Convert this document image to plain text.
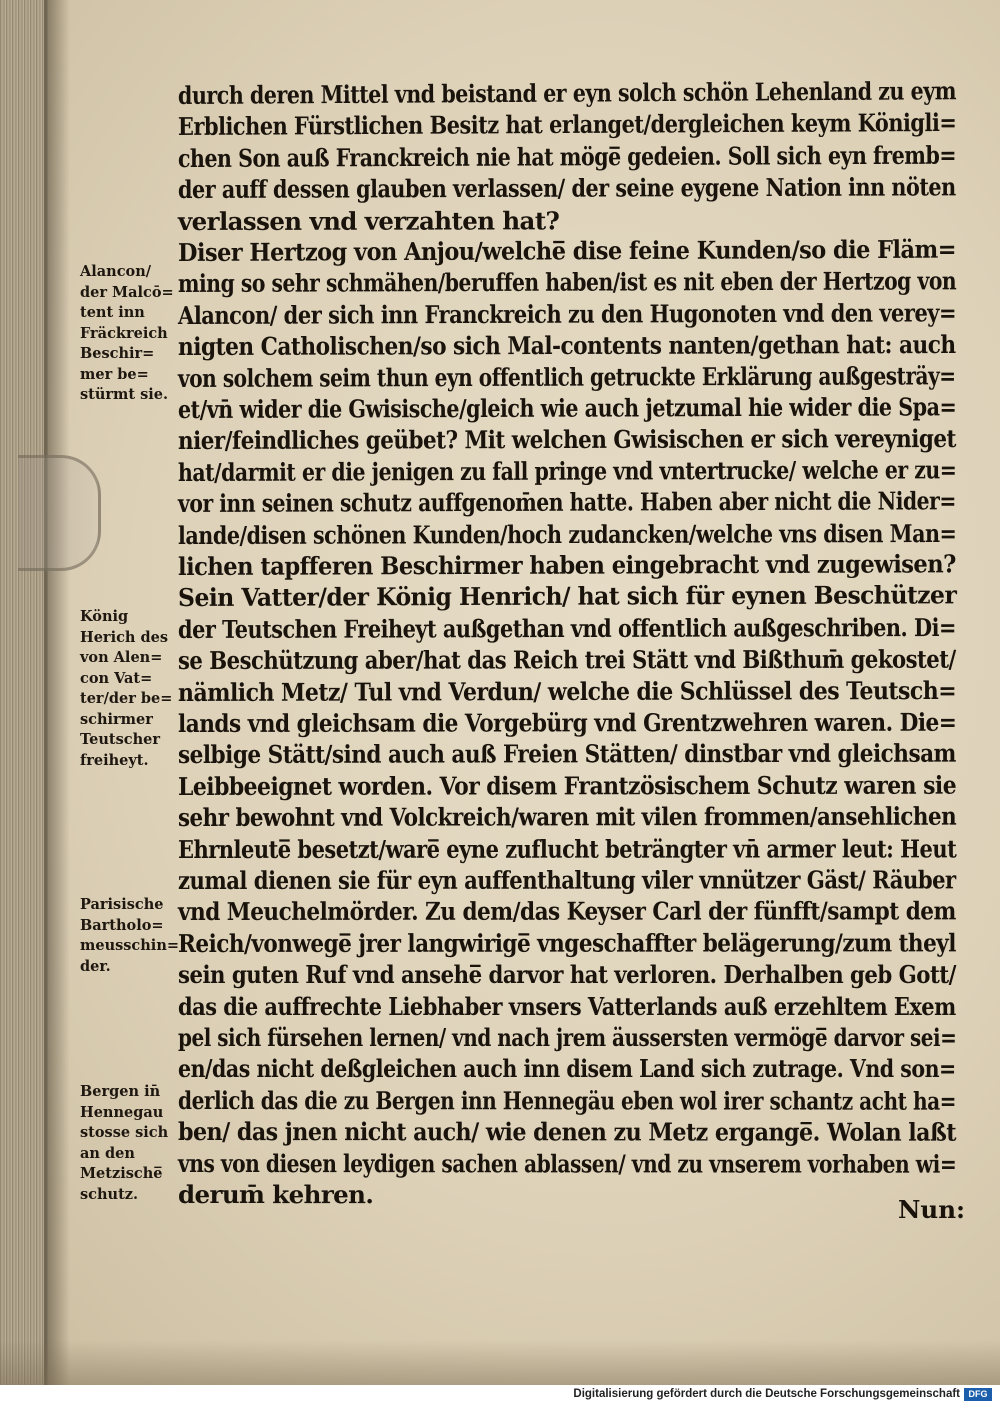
Alancon/
der Malcō=
tent inn
Fräckreich
Beschir=
mer be=
stürmt sie.
König
Herich des
von Alen=
con Vat=
ter/der be=
schirmer
Teutscher
freiheyt.
Parisische
Bartholo=
meusschin=
der.
Bergen in̄
Hennegau
stosse sich
an den
Metzische̅
schutz.
durch deren Mittel vnd beistand er eyn solch schön Lehenland zu eym
Erblichen Fürstlichen Besitz hat erlanget/dergleichen keym Königli=
chen Son auß Franckreich nie hat möge̅ gedeien. Soll sich eyn fremb=
der auff dessen glauben verlassen/ der seine eygene Nation inn nöten
verlassen vnd verzahten hat?
Diser Hertzog von Anjou/welche̅ dise feine Kunden/so die Fläm=
ming so sehr schmähen/beruffen haben/ist es nit eben der Hertzog von
Alancon/ der sich inn Franckreich zu den Hugonoten vnd den verey=
nigten Catholischen/so sich Mal-contents nanten/gethan hat: auch
von solchem seim thun eyn offentlich getruckte Erklärung außgesträy=
et/vn̄ wider die Gwisische/gleich wie auch jetzumal hie wider die Spa=
nier/feindliches geübet? Mit welchen Gwisischen er sich vereyniget
hat/darmit er die jenigen zu fall pringe vnd vntertrucke/ welche er zu=
vor inn seinen schutz auffgenom̄en hatte. Haben aber nicht die Nider=
lande/disen schönen Kunden/hoch zudancken/welche vns disen Man=
lichen tapfferen Beschirmer haben eingebracht vnd zugewisen?
Sein Vatter/der König Henrich/ hat sich für eynen Beschützer
der Teutschen Freiheyt außgethan vnd offentlich außgeschriben. Di=
se Beschützung aber/hat das Reich trei Stätt vnd Bißthum̄ gekostet/
nämlich Metz/ Tul vnd Verdun/ welche die Schlüssel des Teutsch=
lands vnd gleichsam die Vorgebürg vnd Grentzwehren waren. Die=
selbige Stätt/sind auch auß Freien Stätten/ dinstbar vnd gleichsam
Leibbeeignet worden. Vor disem Frantzösischem Schutz waren sie
sehr bewohnt vnd Volckreich/waren mit vilen frommen/ansehlichen
Ehrnleute̅ besetzt/ware̅ eyne zuflucht beträngter vn̄ armer leut: Heut
zumal dienen sie für eyn auffenthaltung viler vnnützer Gäst/ Räuber
vnd Meuchelmörder. Zu dem/das Keyser Carl der fünfft/sampt dem
Reich/vonwege̅ jrer langwirige̅ vngeschaffter belägerung/zum theyl
sein guten Ruf vnd ansehe̅ darvor hat verloren. Derhalben geb Gott/
das die auffrechte Liebhaber vnsers Vatterlands auß erzehltem Exem
pel sich fürsehen lernen/ vnd nach jrem äussersten vermöge̅ darvor sei=
en/das nicht deßgleichen auch inn disem Land sich zutrage. Vnd son=
derlich das die zu Bergen inn Hennegäu eben wol irer schantz acht ha=
ben/ das jnen nicht auch/ wie denen zu Metz ergange̅. Wolan laßt
vns von diesen leydigen sachen ablassen/ vnd zu vnserem vorhaben wi=
derum̄ kehren.
Nun:
Digitalisierung gefördert durch die Deutsche Forschungsgemeinschaft DFG
